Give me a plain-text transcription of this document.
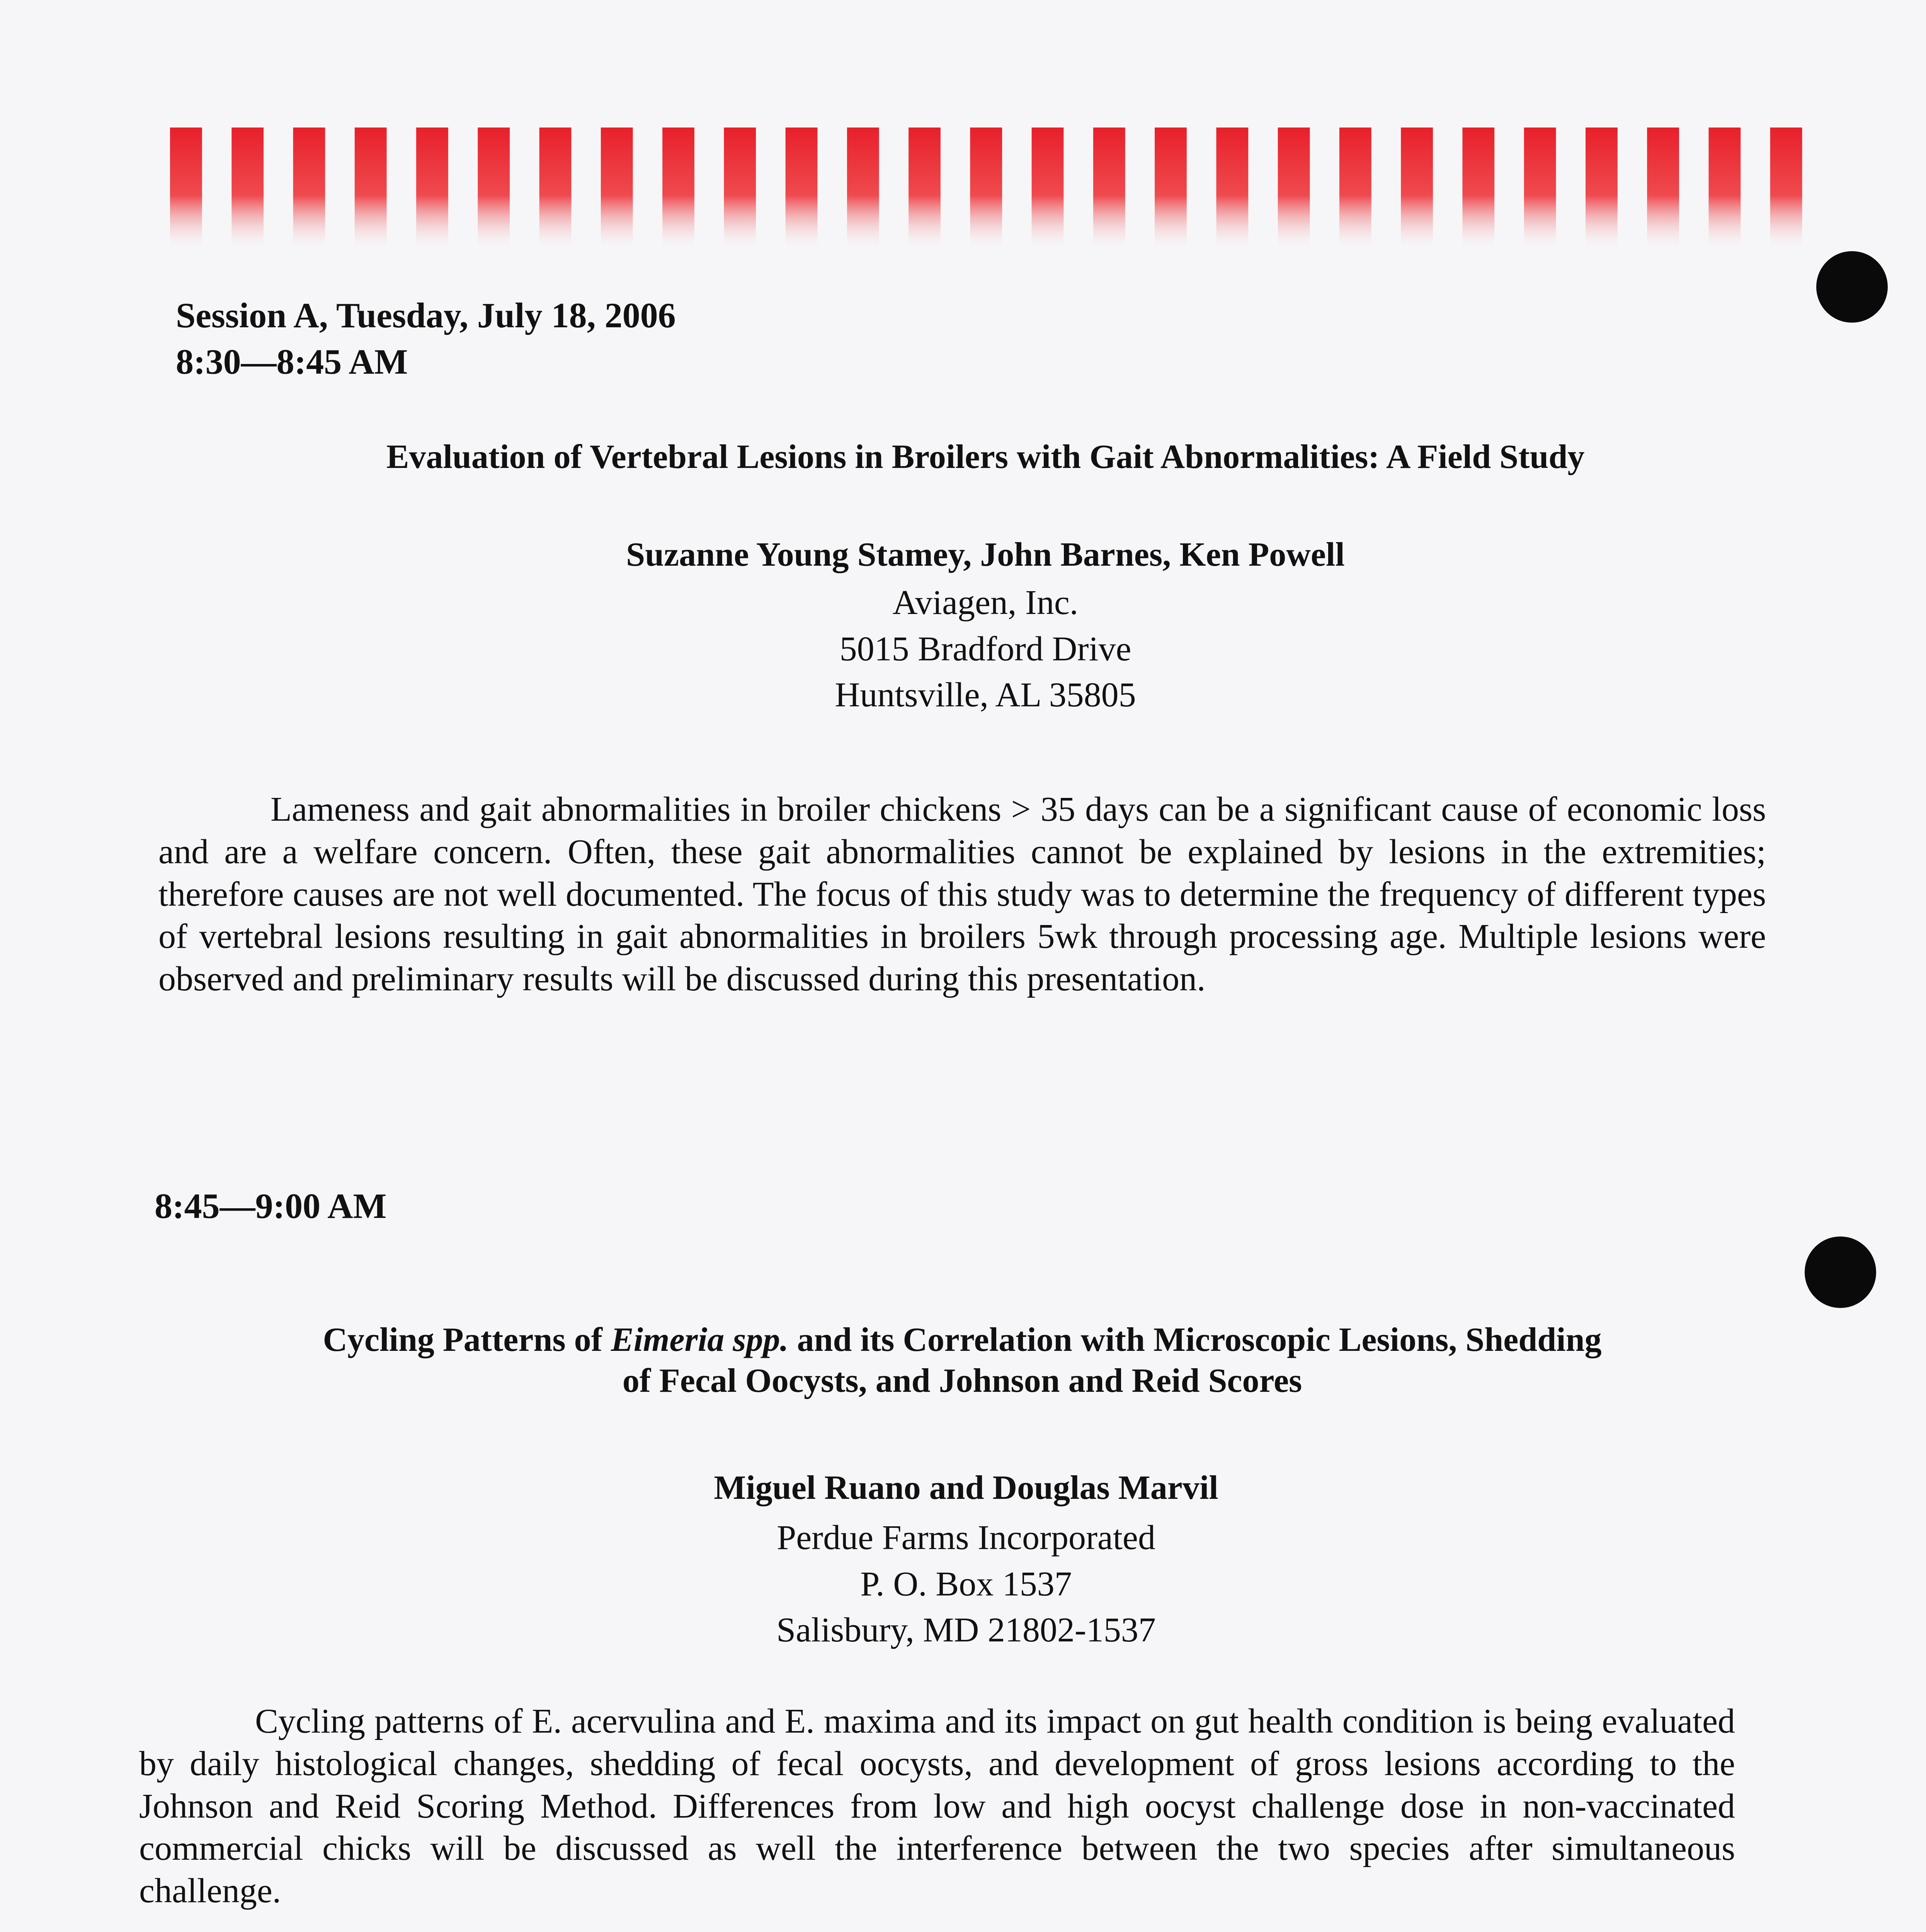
Session A, Tuesday, July 18, 2006
8:30—8:45 AM
Evaluation of Vertebral Lesions in Broilers with Gait Abnormalities: A Field Study
Suzanne Young Stamey, John Barnes, Ken Powell
Aviagen, Inc.
5015 Bradford Drive
Huntsville, AL 35805
Lameness and gait abnormalities in broiler chickens > 35 days can be a significant cause of economic loss and are a welfare concern. Often, these gait abnormalities cannot be explained by lesions in the extremities; therefore causes are not well documented. The focus of this study was to determine the frequency of different types of vertebral lesions resulting in gait abnormalities in broilers 5wk through processing age. Multiple lesions were observed and preliminary results will be discussed during this presentation.
8:45—9:00 AM
Cycling Patterns of Eimeria spp. and its Correlation with Microscopic Lesions, Shedding
of Fecal Oocysts, and Johnson and Reid Scores
Miguel Ruano and Douglas Marvil
Perdue Farms Incorporated
P. O. Box 1537
Salisbury, MD 21802-1537
Cycling patterns of E. acervulina and E. maxima and its impact on gut health condition is being evaluated by daily histological changes, shedding of fecal oocysts, and development of gross lesions according to the Johnson and Reid Scoring Method. Differences from low and high oocyst challenge dose in non-vaccinated commercial chicks will be discussed as well the interference between the two species after simultaneous challenge.
